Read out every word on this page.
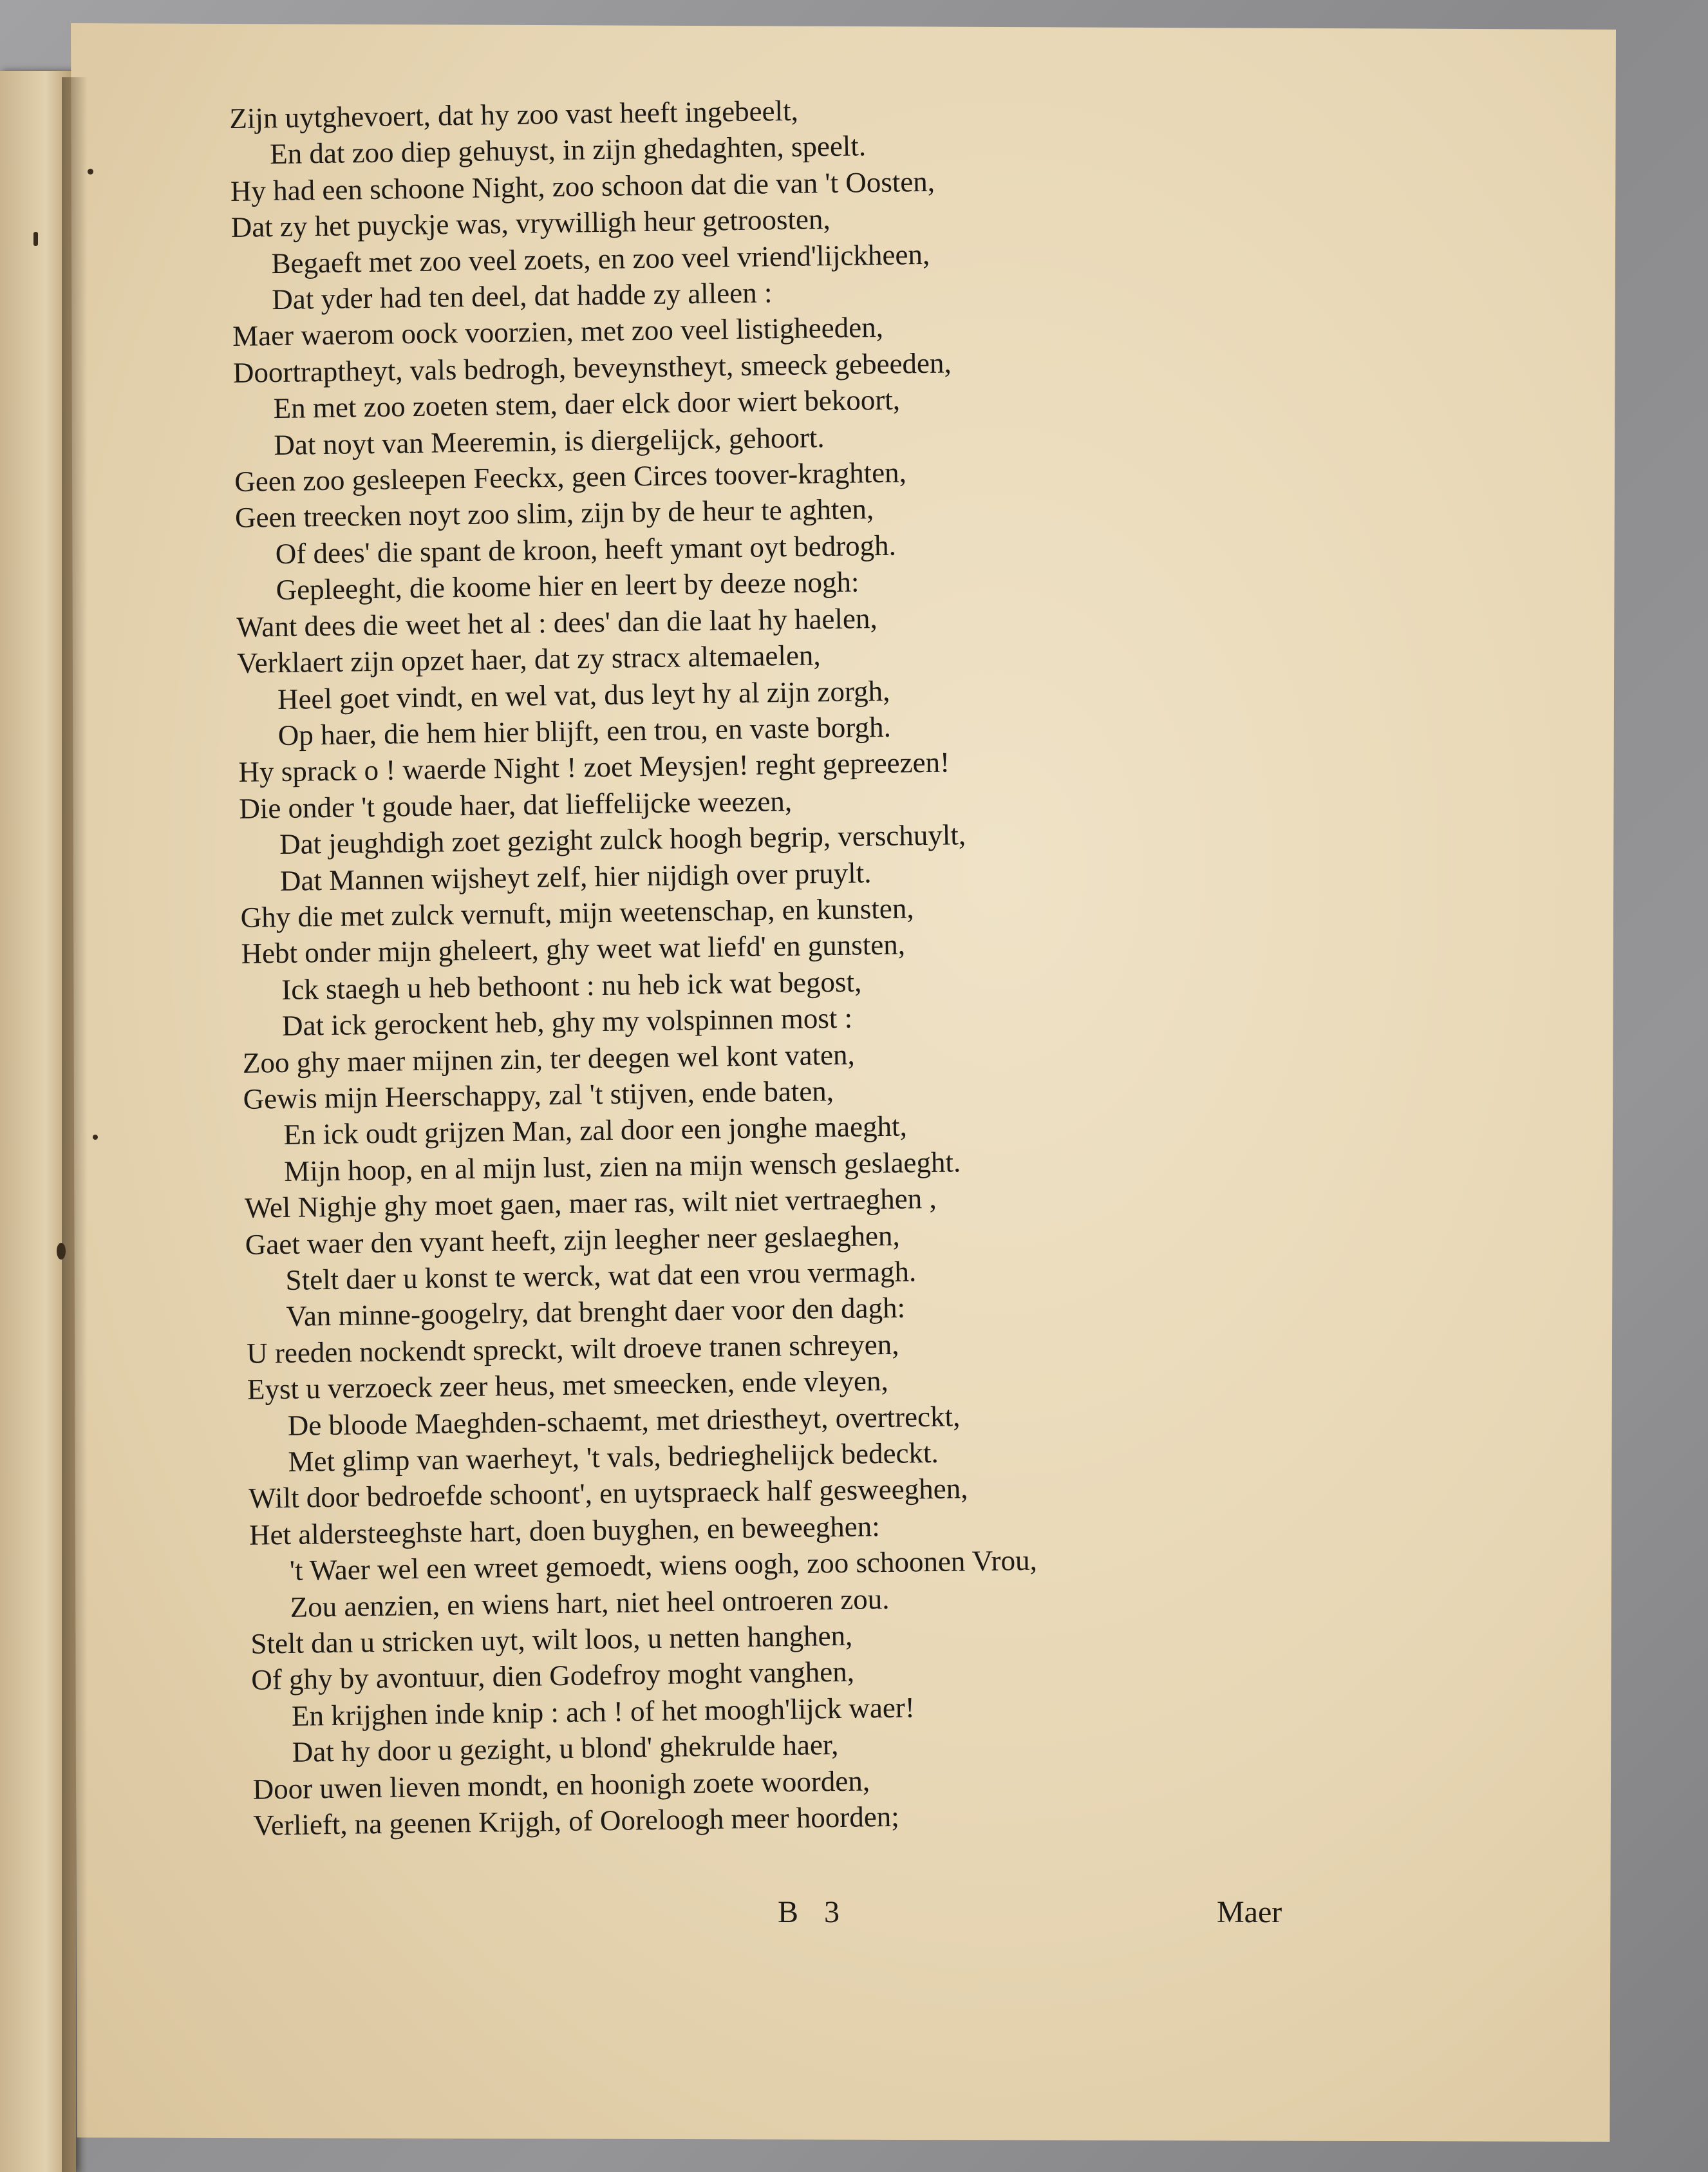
Zijn uytghevoert, dat hy zoo vast heeft ingebeelt,
En dat zoo diep gehuyst, in zijn ghedaghten, speelt.
Hy had een schoone Night, zoo schoon dat die van 't Oosten,
Dat zy het puyckje was, vrywilligh heur getroosten,
Begaeft met zoo veel zoets, en zoo veel vriend'lijckheen,
Dat yder had ten deel, dat hadde zy alleen :
Maer waerom oock voorzien, met zoo veel listigheeden,
Doortraptheyt, vals bedrogh, beveynstheyt, smeeck gebeeden,
En met zoo zoeten stem, daer elck door wiert bekoort,
Dat noyt van Meeremin, is diergelijck, gehoort.
Geen zoo gesleepen Feeckx, geen Circes toover-kraghten,
Geen treecken noyt zoo slim, zijn by de heur te aghten,
Of dees' die spant de kroon, heeft ymant oyt bedrogh.
Gepleeght, die koome hier en leert by deeze nogh:
Want dees die weet het al : dees' dan die laat hy haelen,
Verklaert zijn opzet haer, dat zy stracx altemaelen,
Heel goet vindt, en wel vat, dus leyt hy al zijn zorgh,
Op haer, die hem hier blijft, een trou, en vaste borgh.
Hy sprack o ! waerde Night ! zoet Meysjen! reght gepreezen!
Die onder 't goude haer, dat lieffelijcke weezen,
Dat jeughdigh zoet gezight zulck hoogh begrip, verschuylt,
Dat Mannen wijsheyt zelf, hier nijdigh over pruylt.
Ghy die met zulck vernuft, mijn weetenschap, en kunsten,
Hebt onder mijn gheleert, ghy weet wat liefd' en gunsten,
Ick staegh u heb bethoont : nu heb ick wat begost,
Dat ick gerockent heb, ghy my volspinnen most :
Zoo ghy maer mijnen zin, ter deegen wel kont vaten,
Gewis mijn Heerschappy, zal 't stijven, ende baten,
En ick oudt grijzen Man, zal door een jonghe maeght,
Mijn hoop, en al mijn lust, zien na mijn wensch geslaeght.
Wel Nighje ghy moet gaen, maer ras, wilt niet vertraeghen ,
Gaet waer den vyant heeft, zijn leegher neer geslaeghen,
Stelt daer u konst te werck, wat dat een vrou vermagh.
Van minne-googelry, dat brenght daer voor den dagh:
U reeden nockendt spreckt, wilt droeve tranen schreyen,
Eyst u verzoeck zeer heus, met smeecken, ende vleyen,
De bloode Maeghden-schaemt, met driestheyt, overtreckt,
Met glimp van waerheyt, 't vals, bedrieghelijck bedeckt.
Wilt door bedroefde schoont', en uytspraeck half gesweeghen,
Het aldersteeghste hart, doen buyghen, en beweeghen:
't Waer wel een wreet gemoedt, wiens oogh, zoo schoonen Vrou,
Zou aenzien, en wiens hart, niet heel ontroeren zou.
Stelt dan u stricken uyt, wilt loos, u netten hanghen,
Of ghy by avontuur, dien Godefroy moght vanghen,
En krijghen inde knip : ach ! of het moogh'lijck waer!
Dat hy door u gezight, u blond' ghekrulde haer,
Door uwen lieven mondt, en hoonigh zoete woorden,
Verlieft, na geenen Krijgh, of Ooreloogh meer hoorden;
B 3	Maer
